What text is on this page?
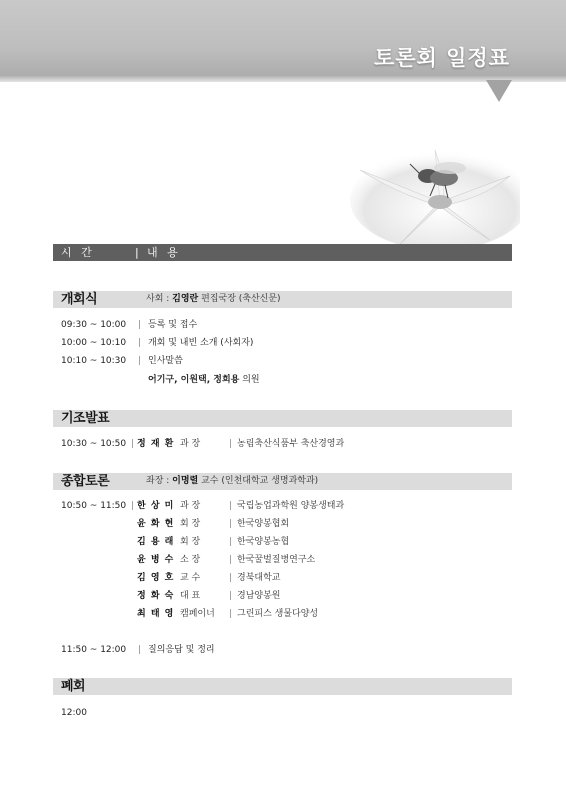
토론회 일정표
시 간	| 내 용
개회식	사회 : 김영란 편집국장 (축산신문)
09:30 ~ 10:00 | 등록 및 접수
10:00 ~ 10:10 | 개회 및 내빈 소개 (사회자)
10:10 ~ 10:30 | 인사말씀
어기구, 이원택, 정희용 의원
기조발표
10:30 ~ 10:50 | 정 재 환 과 장	| 농림축산식품부 축산경영과
종합토론	좌장 : 이명렬 교수 (인천대학교 생명과학과)
10:50 ~ 11:50 | 한 상 미 과 장	| 국립농업과학원 양봉생태과
윤 화 현 회 장	| 한국양봉협회
김 용 래 회 장	| 한국양봉농협
윤 병 수 소 장	| 한국꿀벌질병연구소
김 영 호 교 수	| 경북대학교
정 화 숙 대 표	| 경남양봉원
최 태 영 캠페이너 | 그린피스 생물다양성
11:50 ~ 12:00 | 질의응답 및 정리
폐회
12:00
